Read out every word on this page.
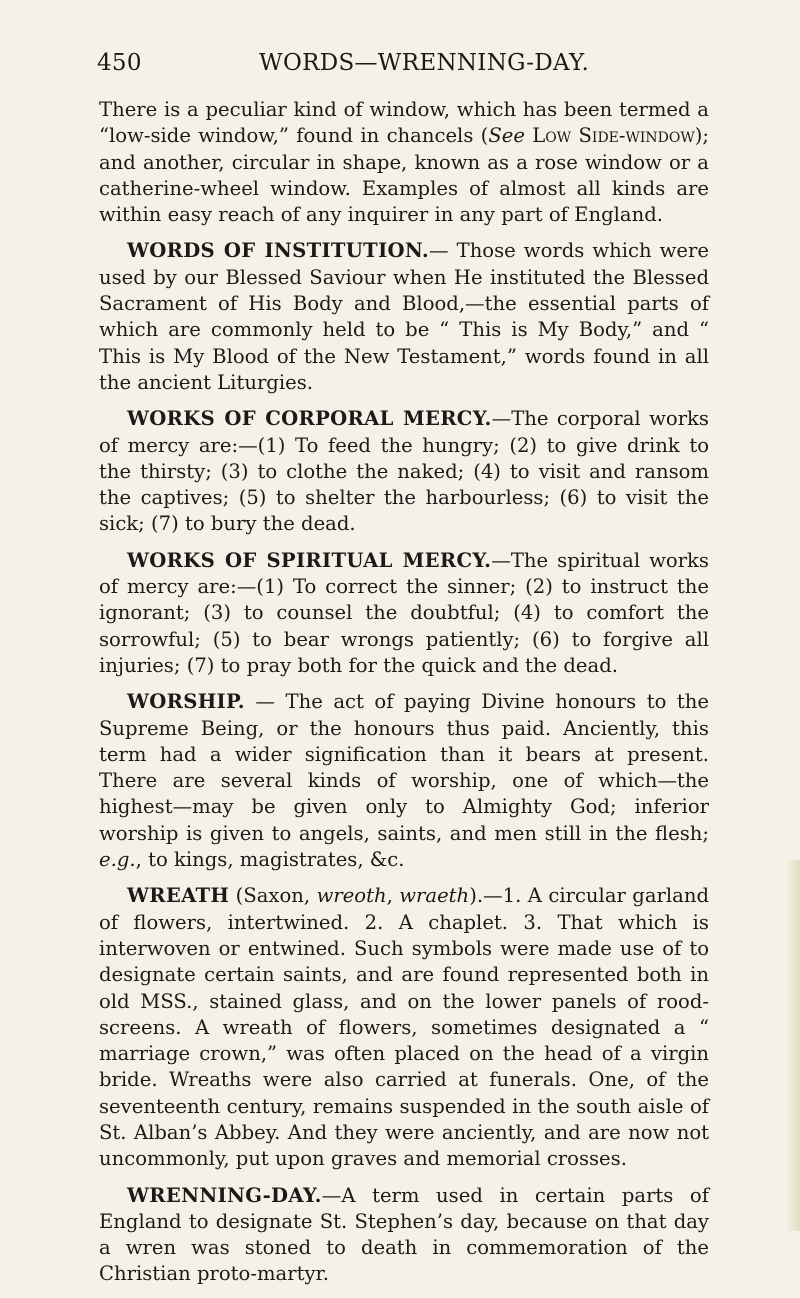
450	WORDS—WRENNING-DAY.

There is a peculiar kind of window, which has been termed a “low-side window,” found in chancels (See Low Side-window); and another, circular in shape, known as a rose window or a catherine-wheel window. Examples of almost all kinds are within easy reach of any inquirer in any part of England.

WORDS OF INSTITUTION.— Those words which were used by our Blessed Saviour when He instituted the Blessed Sacrament of His Body and Blood,—the essential parts of which are commonly held to be “ This is My Body,” and “ This is My Blood of the New Testament,” words found in all the ancient Liturgies.

WORKS OF CORPORAL MERCY.—The corporal works of mercy are:—(1) To feed the hungry; (2) to give drink to the thirsty; (3) to clothe the naked; (4) to visit and ransom the captives; (5) to shelter the harbourless; (6) to visit the sick; (7) to bury the dead.

WORKS OF SPIRITUAL MERCY.—The spiritual works of mercy are:—(1) To correct the sinner; (2) to instruct the ignorant; (3) to counsel the doubtful; (4) to comfort the sorrowful; (5) to bear wrongs patiently; (6) to forgive all injuries; (7) to pray both for the quick and the dead.

WORSHIP. — The act of paying Divine honours to the Supreme Being, or the honours thus paid. Anciently, this term had a wider signification than it bears at present. There are several kinds of worship, one of which—the highest—may be given only to Almighty God; inferior worship is given to angels, saints, and men still in the flesh; e.g., to kings, magistrates, &c.

WREATH (Saxon, wreoth, wraeth).—1. A circular garland of flowers, intertwined. 2. A chaplet. 3. That which is interwoven or entwined. Such symbols were made use of to designate certain saints, and are found represented both in old MSS., stained glass, and on the lower panels of rood-screens. A wreath of flowers, sometimes designated a “ marriage crown,” was often placed on the head of a virgin bride. Wreaths were also carried at funerals. One, of the seventeenth century, remains suspended in the south aisle of St. Alban’s Abbey. And they were anciently, and are now not uncommonly, put upon graves and memorial crosses.

WRENNING-DAY.—A term used in certain parts of England to designate St. Stephen’s day, because on that day a wren was stoned to death in commemoration of the Christian proto-martyr.
